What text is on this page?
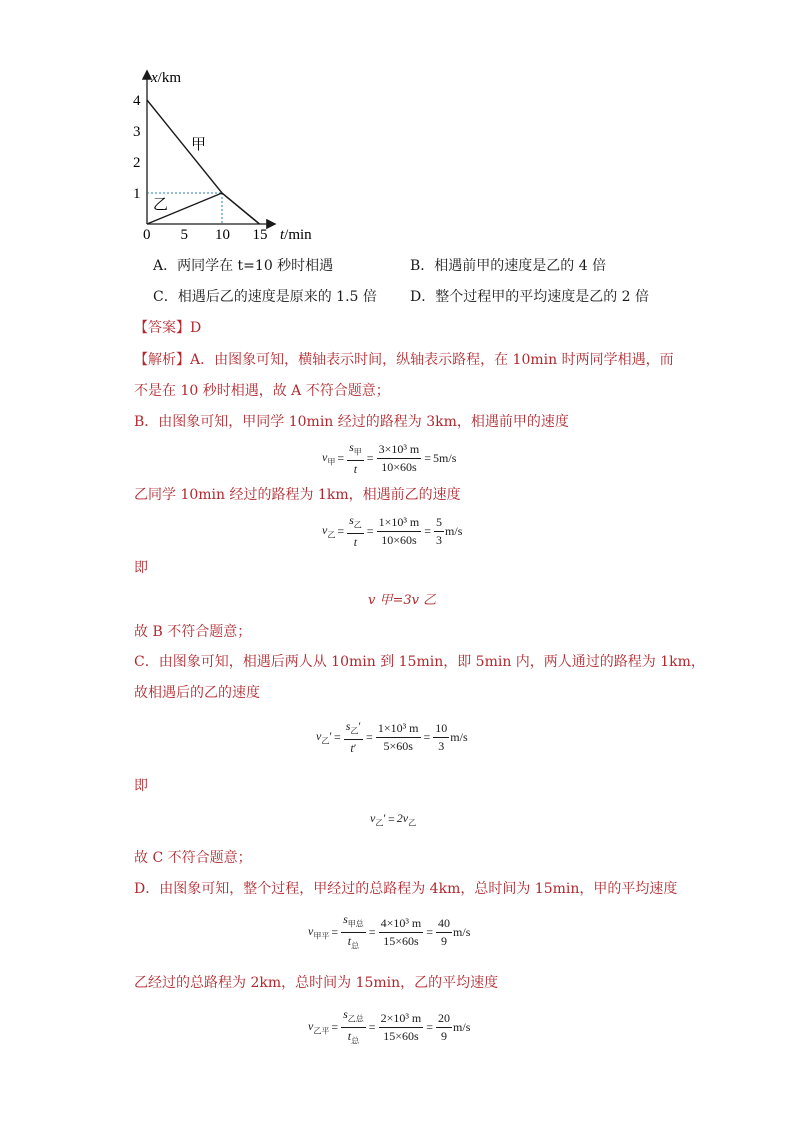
x/km
t/min
4
3
2
1
0 5 10 15
甲
乙
A．两同学在 t=10 秒时相遇	B．相遇前甲的速度是乙的 4 倍
C．相遇后乙的速度是原来的 1.5 倍 D．整个过程甲的平均速度是乙的 2 倍
【答案】D
【解析】A．由图象可知，横轴表示时间，纵轴表示路程，在 10min 时两同学相遇，而
不是在 10 秒时相遇，故 A 不符合题意；
B．由图象可知，甲同学 10min 经过的路程为 3km，相遇前甲的速度
$v_甲 = \frac{s_甲}{t} = \frac{\text{3×10³ m}}{10\times 60s} = 5m/s$
乙同学 10min 经过的路程为 1km，相遇前乙的速度
$v_乙 = \frac{s_乙}{t} = \frac{\text{1×10³ m}}{10\times 60s} = \frac{5}{3} m/s$
即
v 甲=3v 乙
故 B 不符合题意；
C．由图象可知，相遇后两人从 10min 到 15min，即 5min 内，两人通过的路程为 1km，
故相遇后的乙的速度
$v_乙' = \frac{s_乙'}{t'} = \frac{\text{1×10³ m}}{5\times 60s} = \frac{10}{3} m/s$
即
$v_乙' = 2v_乙$
故 C 不符合题意；
D．由图象可知，整个过程，甲经过的总路程为 4km，总时间为 15min，甲的平均速度
$v_{甲平} = \frac{s_{甲总}}{t_总} = \frac{\text{4×10³ m}}{15\times 60s} = \frac{40}{9} m/s$
乙经过的总路程为 2km，总时间为 15min，乙的平均速度
$v_{乙平} = \frac{s_{乙总}}{t_总} = \frac{\text{2×10³ m}}{15\times 60s} = \frac{20}{9} m/s$
